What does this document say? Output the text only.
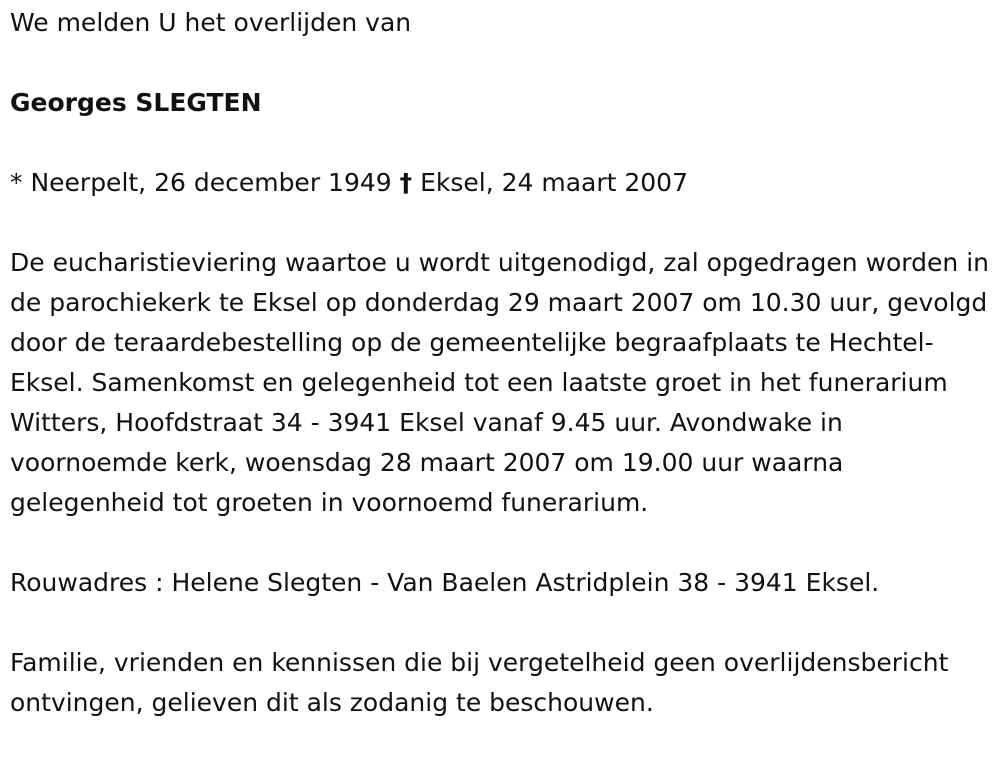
We melden U het overlijden van

Georges SLEGTEN

* Neerpelt, 26 december 1949 † Eksel, 24 maart 2007

De eucharistieviering waartoe u wordt uitgenodigd, zal opgedragen worden in de parochiekerk te Eksel op donderdag 29 maart 2007 om 10.30 uur, gevolgd door de teraardebestelling op de gemeentelijke begraafplaats te Hechtel-Eksel. Samenkomst en gelegenheid tot een laatste groet in het funerarium Witters, Hoofdstraat 34 - 3941 Eksel vanaf 9.45 uur. Avondwake in voornoemde kerk, woensdag 28 maart 2007 om 19.00 uur waarna gelegenheid tot groeten in voornoemd funerarium.

Rouwadres : Helene Slegten - Van Baelen Astridplein 38 - 3941 Eksel.

Familie, vrienden en kennissen die bij vergetelheid geen overlijdensbericht ontvingen, gelieven dit als zodanig te beschouwen.
